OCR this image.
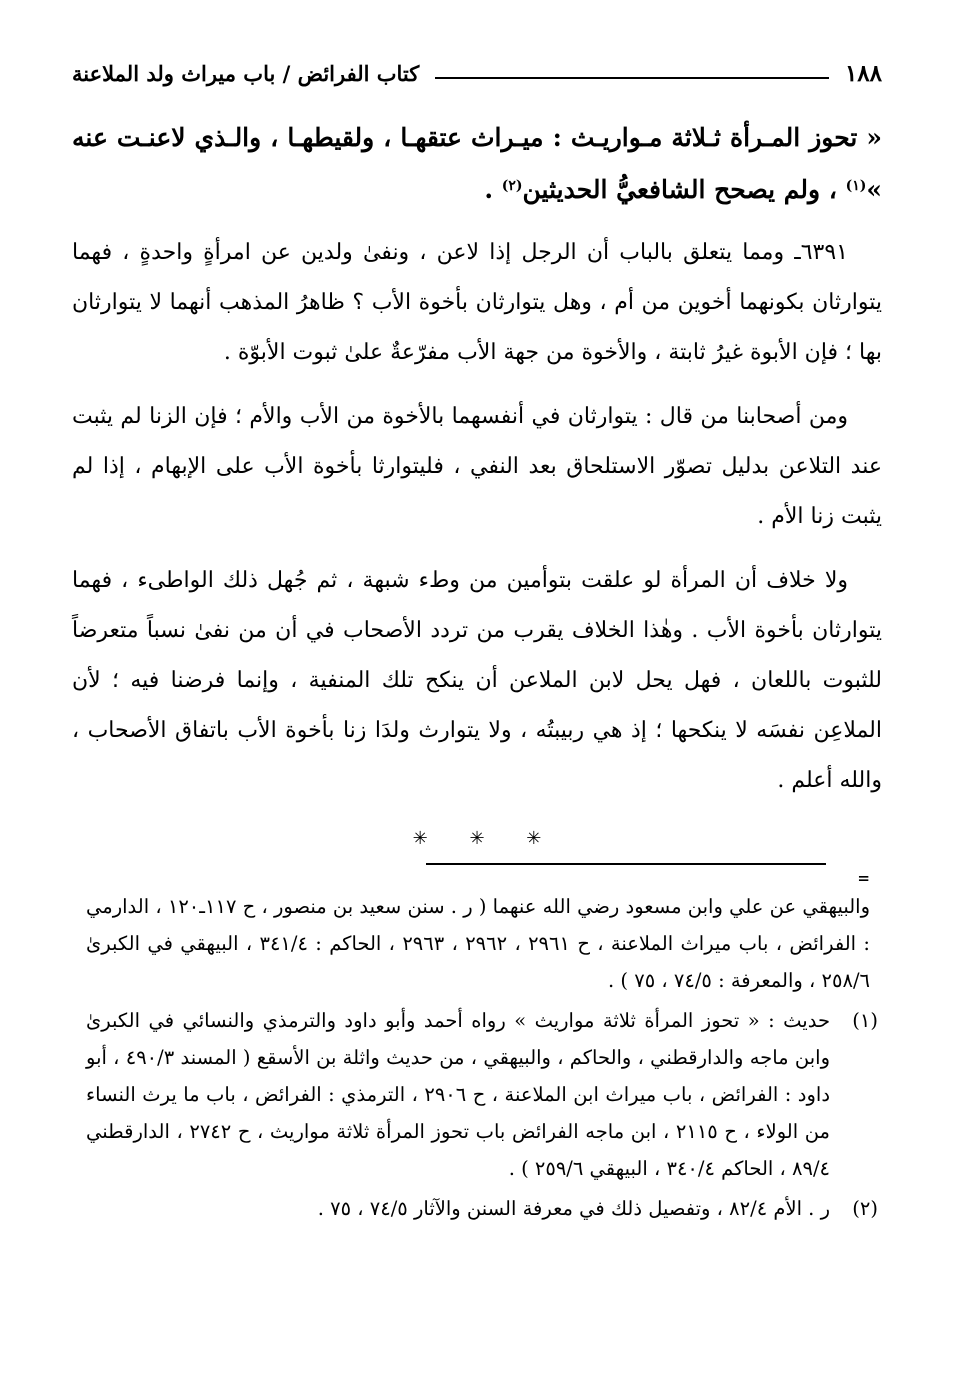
١٨٨
كتاب الفرائض / باب ميراث ولد الملاعنة

« تحوز المـرأة ثـلاثة مـواريـث : ميـراث عتقهـا ، ولقيطهـا ، والـذي لاعنـت عنه »$^{(١)}$ ، ولم يصحح الشافعيُّ الحديثين$^{(٢)}$ .

٦٣٩١ـ ومما يتعلق بالباب أن الرجل إذا لاعن ، ونفىٰ ولدين عن امرأةٍ واحدةٍ ، فهما يتوارثان بكونهما أخوين من أم ، وهل يتوارثان بأخوة الأب ؟ ظاهرُ المذهب أنهما لا يتوارثان بها ؛ فإن الأبوة غيرُ ثابتة ، والأخوة من جهة الأب مفرّعةٌ علىٰ ثبوت الأبوّة .

ومن أصحابنا من قال : يتوارثان في أنفسهما بالأخوة من الأب والأم ؛ فإن الزنا لم يثبت عند التلاعن بدليل تصوّر الاستلحاق بعد النفي ، فليتوارثا بأخوة الأب على الإبهام ، إذا لم يثبت زنا الأم .

ولا خلاف أن المرأة لو علقت بتوأمين من وطء شبهة ، ثم جُهل ذلك الواطىء ، فهما يتوارثان بأخوة الأب . وهٰذا الخلاف يقرب من تردد الأصحاب في أن من نفىٰ نسباً متعرضاً للثبوت باللعان ، فهل يحل لابن الملاعن أن ينكح تلك المنفية ، وإنما فرضنا فيه ؛ لأن الملاعِن نفسَه لا ينكحها ؛ إذ هي ربيبتُه ، ولا يتوارث ولدَا زنا بأخوة الأب باتفاق الأصحاب ، والله أعلم .

✳ ✳ ✳
=

والبيهقي عن علي وابن مسعود رضي الله عنهما ( ر . سنن سعيد بن منصور ، ح ١١٧ـ١٢٠ ، الدارمي : الفرائض ، باب ميراث الملاعنة ، ح ٢٩٦١ ، ٢٩٦٢ ، ٢٩٦٣ ، الحاكم : ٣٤١/٤ ، البيهقي في الكبرىٰ ٢٥٨/٦ ، والمعرفة : ٧٤/٥ ، ٧٥ ) .

(١)
حديث : « تحوز المرأة ثلاثة مواريث » رواه أحمد وأبو داود والترمذي والنسائي في الكبرىٰ وابن ماجه والدارقطني ، والحاكم ، والبيهقي ، من حديث واثلة بن الأسقع ( المسند ٤٩٠/٣ ، أبو داود : الفرائض ، باب ميراث ابن الملاعنة ، ح ٢٩٠٦ ، الترمذي : الفرائض ، باب ما يرث النساء من الولاء ، ح ٢١١٥ ، ابن ماجه الفرائض باب تحوز المرأة ثلاثة مواريث ، ح ٢٧٤٢ ، الدارقطني ٨٩/٤ ، الحاكم ٣٤٠/٤ ، البيهقي ٢٥٩/٦ ) .
(٢)
ر . الأم ٨٢/٤ ، وتفصيل ذلك في معرفة السنن والآثار ٧٤/٥ ، ٧٥ .
